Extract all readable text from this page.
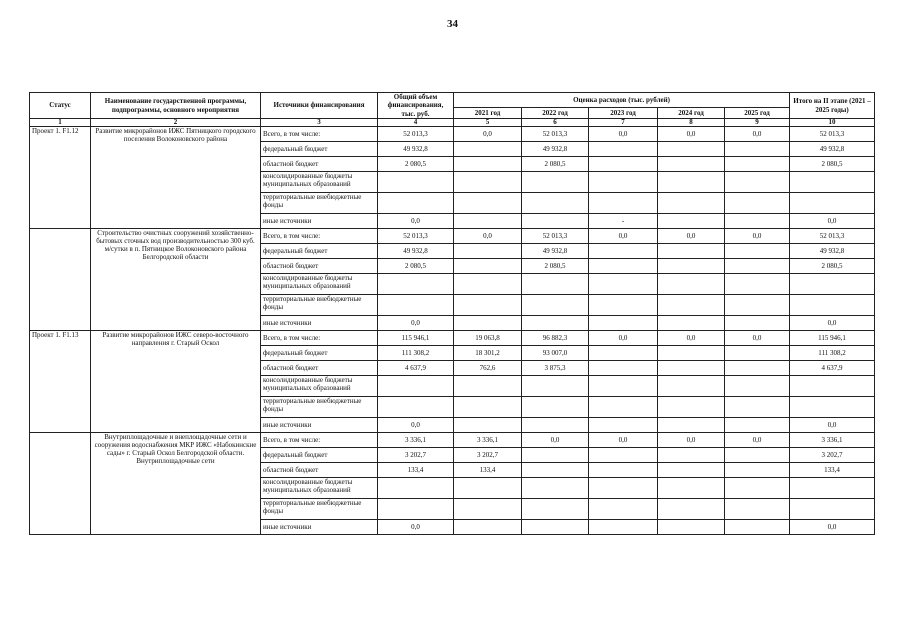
34
Статус	Наименование государственной программы, подпрограммы, основного мероприятия	Источники финансирования	Общий объем финансирования, тыс. руб.	Оценка расходов (тыс. рублей)					Итого на II этапе (2021 – 2025 годы)
				2021 год	2022 год	2023 год	2024 год	2025 год	
1	2	3	4	5	6	7	8	9	10
Проект 1. F1.12	Развитие микрорайонов ИЖС Пятницкого городского поселения Волоконовского района	Всего, в том числе:	52 013,3	0,0	52 013,3	0,0	0,0	0,0	52 013,3
		федеральный бюджет	49 932,8		49 932,8				49 932,8
		областной бюджет	2 080,5		2 080,5				2 080,5
		консолидированные бюджеты муниципальных образований							
		территориальные внебюджетные фонды							
		иные источники	0,0			-			0,0
	Строительство очистных сооружений хозяйственно-бытовых сточных вод производительностью 300 куб. м/сутки в п. Пятницкое Волоконовского района Белгородской области	Всего, в том числе:	52 013,3	0,0	52 013,3	0,0	0,0	0,0	52 013,3
		федеральный бюджет	49 932,8		49 932,8				49 932,8
		областной бюджет	2 080,5		2 080,5				2 080,5
		консолидированные бюджеты муниципальных образований							
		территориальные внебюджетные фонды							
		иные источники	0,0						0,0
Проект 1. F1.13	Развитие микрорайонов ИЖС северо-восточного направления г. Старый Оскол	Всего, в том числе:	115 946,1	19 063,8	96 882,3	0,0	0,0	0,0	115 946,1
		федеральный бюджет	111 308,2	18 301,2	93 007,0				111 308,2
		областной бюджет	4 637,9	762,6	3 875,3				4 637,9
		консолидированные бюджеты муниципальных образований							
		территориальные внебюджетные фонды							
		иные источники	0,0						0,0
	Внутриплощадочные и внеплощадочные сети и сооружения водоснабжения МКР ИЖС «Набокинские сады» г. Старый Оскол Белгородской области. Внутриплощадочные сети	Всего, в том числе:	3 336,1	3 336,1	0,0	0,0	0,0	0,0	3 336,1
		федеральный бюджет	3 202,7	3 202,7					3 202,7
		областной бюджет	133,4	133,4					133,4
		консолидированные бюджеты муниципальных образований							
		территориальные внебюджетные фонды							
		иные источники	0,0						0,0
